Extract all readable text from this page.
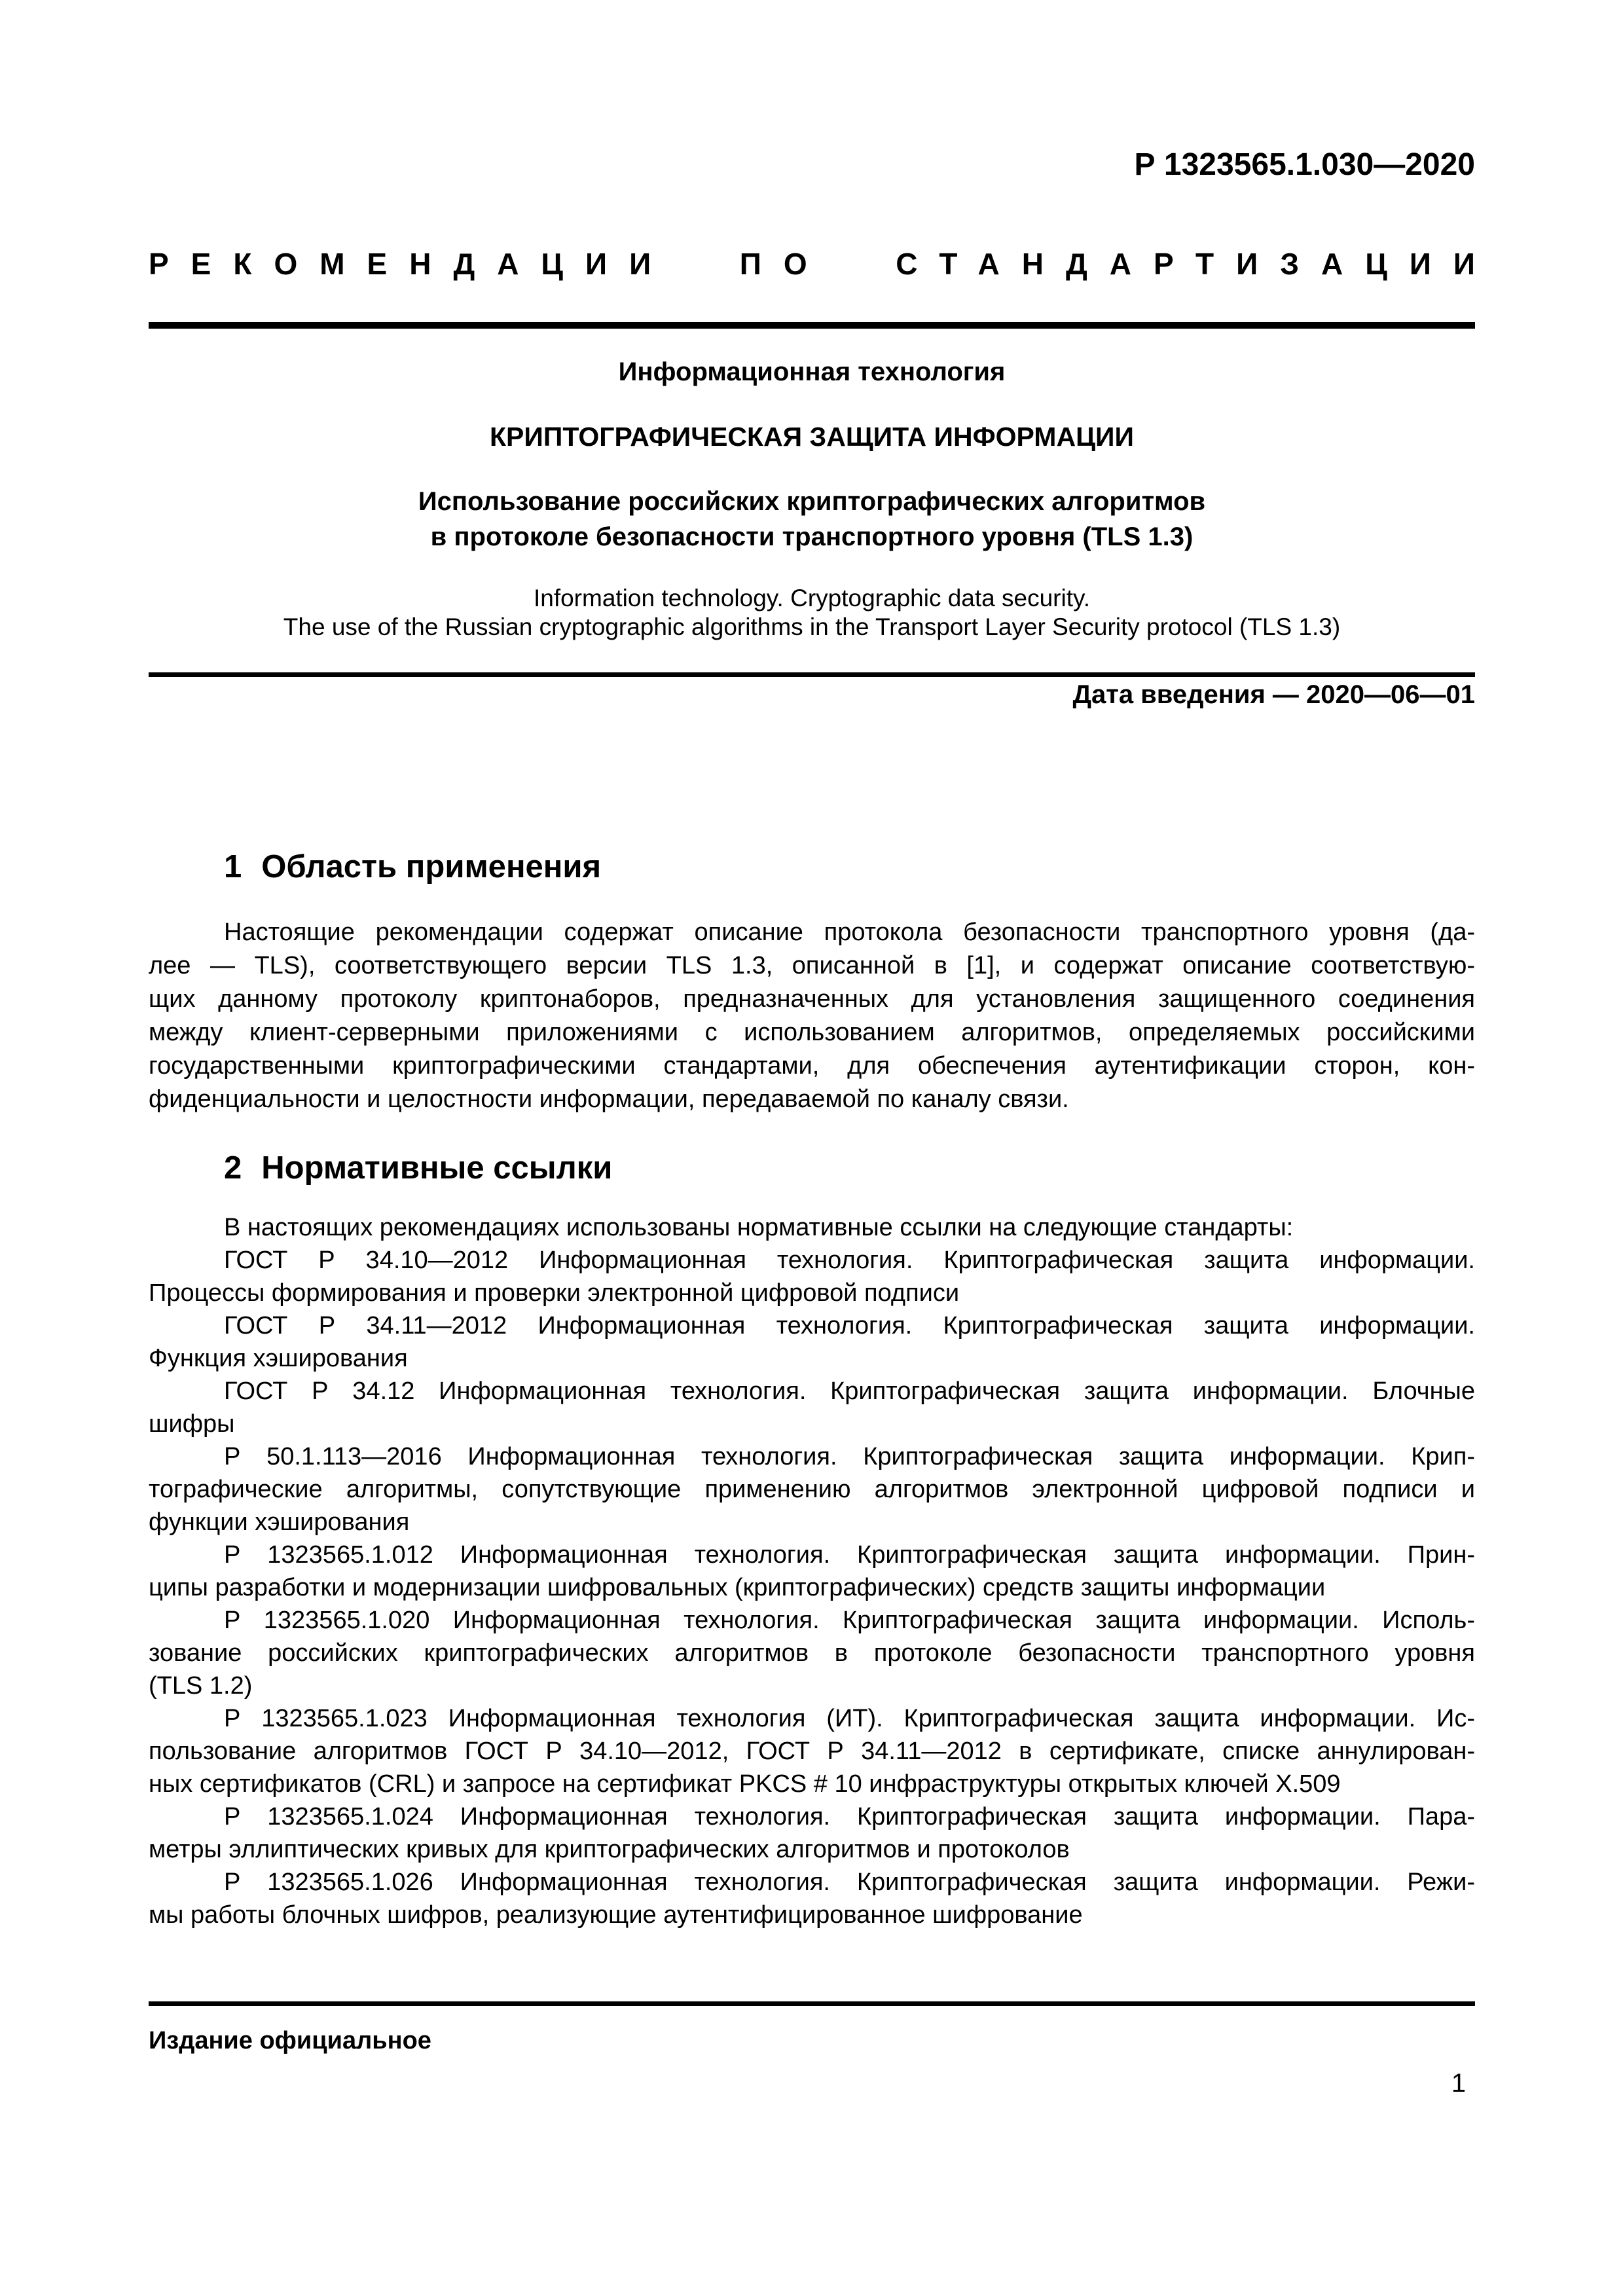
Р 1323565.1.030—2020
РЕКОМЕНДАЦИИ ПО СТАНДАРТИЗАЦИИ
Информационная технология
КРИПТОГРАФИЧЕСКАЯ ЗАЩИТА ИНФОРМАЦИИ
Использование российских криптографических алгоритмов
в протоколе безопасности транспортного уровня (TLS 1.3)
Information technology. Cryptographic data security.
The use of the Russian cryptographic algorithms in the Transport Layer Security protocol (TLS 1.3)
Дата введения — 2020—06—01
1 Область применения
Настоящие рекомендации содержат описание протокола безопасности транспортного уровня (да-
лее — TLS), соответствующего версии TLS 1.3, описанной в [1], и содержат описание соответствую-
щих данному протоколу криптонаборов, предназначенных для установления защищенного соединения
между клиент-серверными приложениями с использованием алгоритмов, определяемых российскими
государственными криптографическими стандартами, для обеспечения аутентификации сторон, кон-
фиденциальности и целостности информации, передаваемой по каналу связи.
2 Нормативные ссылки
В настоящих рекомендациях использованы нормативные ссылки на следующие стандарты:
ГОСТ Р 34.10—2012 Информационная технология. Криптографическая защита информации.
Процессы формирования и проверки электронной цифровой подписи
ГОСТ Р 34.11—2012 Информационная технология. Криптографическая защита информации.
Функция хэширования
ГОСТ Р 34.12 Информационная технология. Криптографическая защита информации. Блочные
шифры
Р 50.1.113—2016 Информационная технология. Криптографическая защита информации. Крип-
тографические алгоритмы, сопутствующие применению алгоритмов электронной цифровой подписи и
функции хэширования
Р 1323565.1.012 Информационная технология. Криптографическая защита информации. Прин-
ципы разработки и модернизации шифровальных (криптографических) средств защиты информации
Р 1323565.1.020 Информационная технология. Криптографическая защита информации. Исполь-
зование российских криптографических алгоритмов в протоколе безопасности транспортного уровня
(TLS 1.2)
Р 1323565.1.023 Информационная технология (ИТ). Криптографическая защита информации. Ис-
пользование алгоритмов ГОСТ Р 34.10—2012, ГОСТ Р 34.11—2012 в сертификате, списке аннулирован-
ных сертификатов (CRL) и запросе на сертификат PKCS # 10 инфраструктуры открытых ключей X.509
Р 1323565.1.024 Информационная технология. Криптографическая защита информации. Пара-
метры эллиптических кривых для криптографических алгоритмов и протоколов
Р 1323565.1.026 Информационная технология. Криптографическая защита информации. Режи-
мы работы блочных шифров, реализующие аутентифицированное шифрование
Издание официальное
1
